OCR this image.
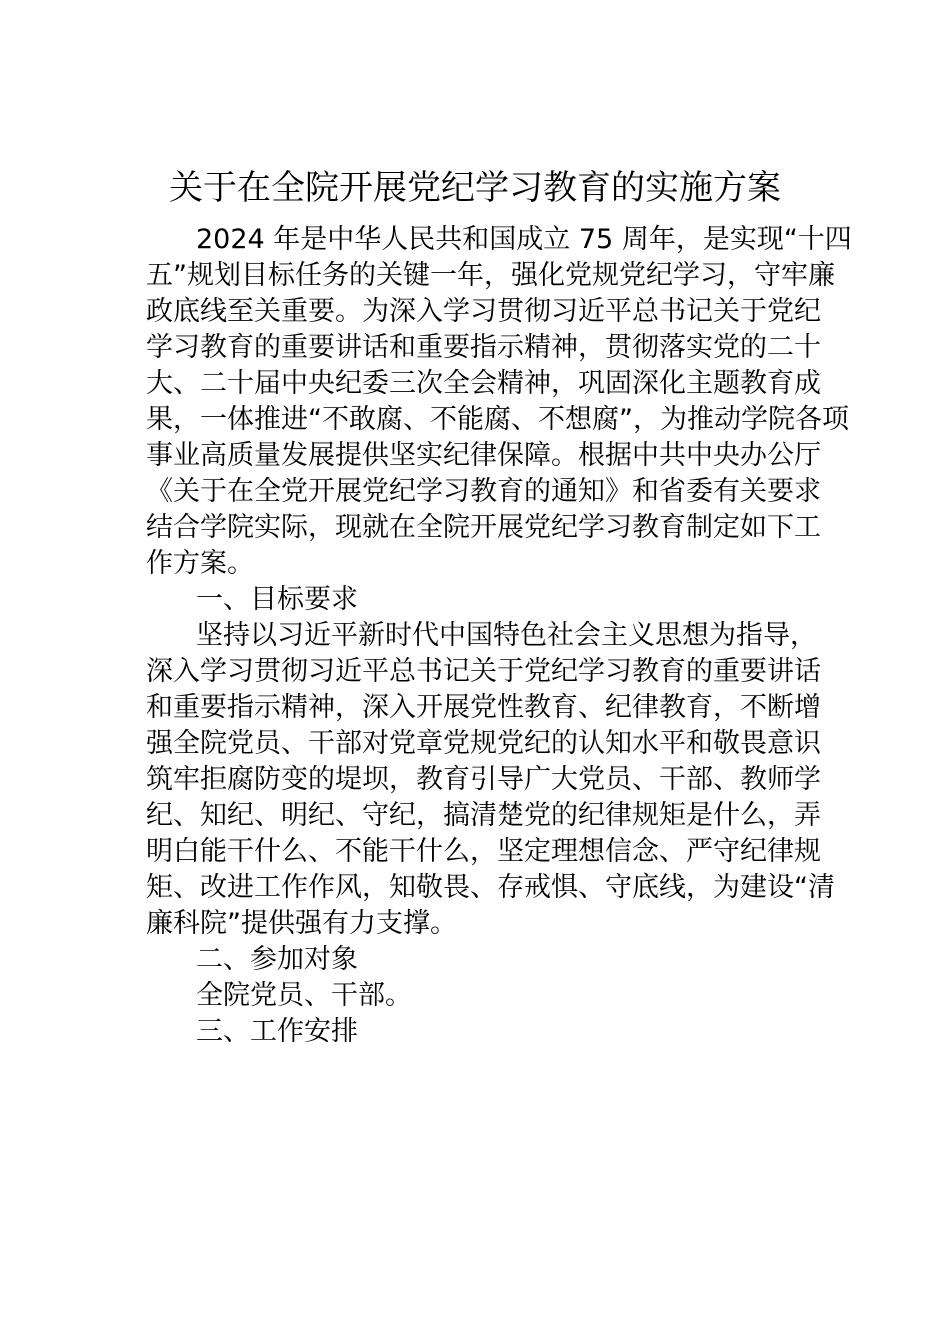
关于在全院开展党纪学习教育的实施方案
2024 年是中华人民共和国成立 75 周年，是实现“十四
五”规划目标任务的关键一年，强化党规党纪学习，守牢廉
政底线至关重要。为深入学习贯彻习近平总书记关于党纪
学习教育的重要讲话和重要指示精神，贯彻落实党的二十
大、二十届中央纪委三次全会精神，巩固深化主题教育成
果，一体推进“不敢腐、不能腐、不想腐”，为推动学院各项
事业高质量发展提供坚实纪律保障。根据中共中央办公厅
《关于在全党开展党纪学习教育的通知》和省委有关要求
结合学院实际，现就在全院开展党纪学习教育制定如下工
作方案。
一、目标要求
坚持以习近平新时代中国特色社会主义思想为指导，
深入学习贯彻习近平总书记关于党纪学习教育的重要讲话
和重要指示精神，深入开展党性教育、纪律教育，不断增
强全院党员、干部对党章党规党纪的认知水平和敬畏意识
筑牢拒腐防变的堤坝，教育引导广大党员、干部、教师学
纪、知纪、明纪、守纪，搞清楚党的纪律规矩是什么，弄
明白能干什么、不能干什么，坚定理想信念、严守纪律规
矩、改进工作作风，知敬畏、存戒惧、守底线，为建设“清
廉科院”提供强有力支撑。
二、参加对象
全院党员、干部。
三、工作安排
